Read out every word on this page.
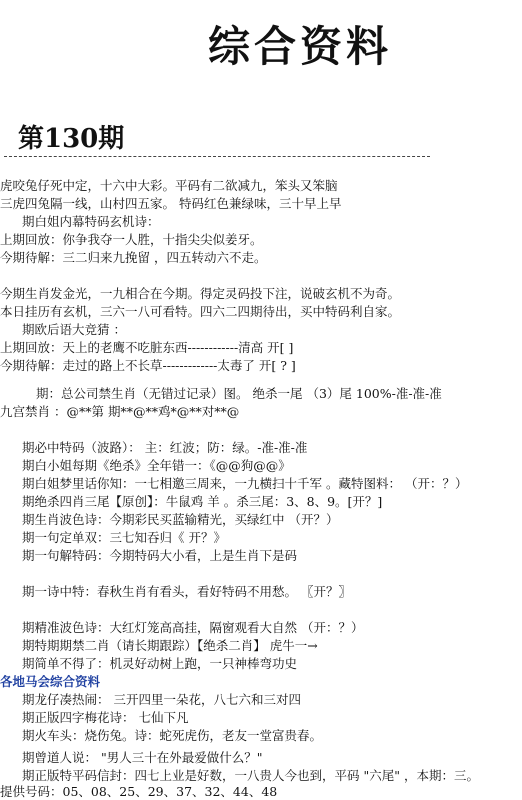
综合资料
第130期
虎咬兔仔死中定，十六中大彩。平码有二欲减九，笨头又笨脑
三虎四兔隔一线，山村四五家。 特码红色兼绿味，三十早上早
期白姐内幕特码玄机诗：
上期回放：你争我夺一人胜，十指尖尖似姜牙。
今期待解：三二归来九挽留 ，四五转动六不走。
今期生肖发金光，一九相合在今期。得定灵码投下注，说破玄机不为奇。
本日挂历有玄机，三六一八可看特。四六二四期待出，买中特码利自家。
期欧后语大竞猜 ：
上期回放：天上的老鹰不吃脏东西------------清高 开[ ]
今期待解：走过的路上不长草-------------太毒了 开[ ? ]
期：总公司禁生肖（无错过记录）图。 绝杀一尾 （3）尾 100%-准-准-准
九宫禁肖 ：@**第 期**@**鸡*@**对**@
期必中特码（波路）： 主：红波；防：绿。-准-准-准
期白小姐每期《绝杀》全年错一：《@@狗@@》
期白姐梦里话你知：一七相邀三周来，一九横扫十千军 。藏特图料： （开：？）
期绝杀四肖三尾【原创】：牛鼠鸡 羊 。杀三尾：3、8、9。[开？]
期生肖波色诗：今期彩民买蓝输精光，买绿红中 （开？）
期一句定单双：三七知吞归《 开？》
期一句解特码：今期特码大小看，上是生肖下是码
期一诗中特：春秋生肖有看头，看好特码不用愁。 〖开？〗
期精准波色诗：大红灯笼高高挂，隔窗观看大自然 （开：？）
期特期期禁二肖（请长期跟踪）【绝杀二肖】 虎牛一→
期简单不得了：机灵好动树上跑，一只神棒弯功史
各地马会综合资料
期龙仔凑热闹： 三开四里一朵花，八七六和三对四
期正版四字梅花诗： 七仙下凡
期火车头：烧伤兔。诗：蛇死虎伤，老友一堂富贵春。
期曾道人说： "男人三十在外最爱做什么？"
期正版特平码信封：四七上业是好数，一八贵人今也到，平码 "六尾" ，本期：三。
提供号码：05、08、25、29、37、32、44、48
